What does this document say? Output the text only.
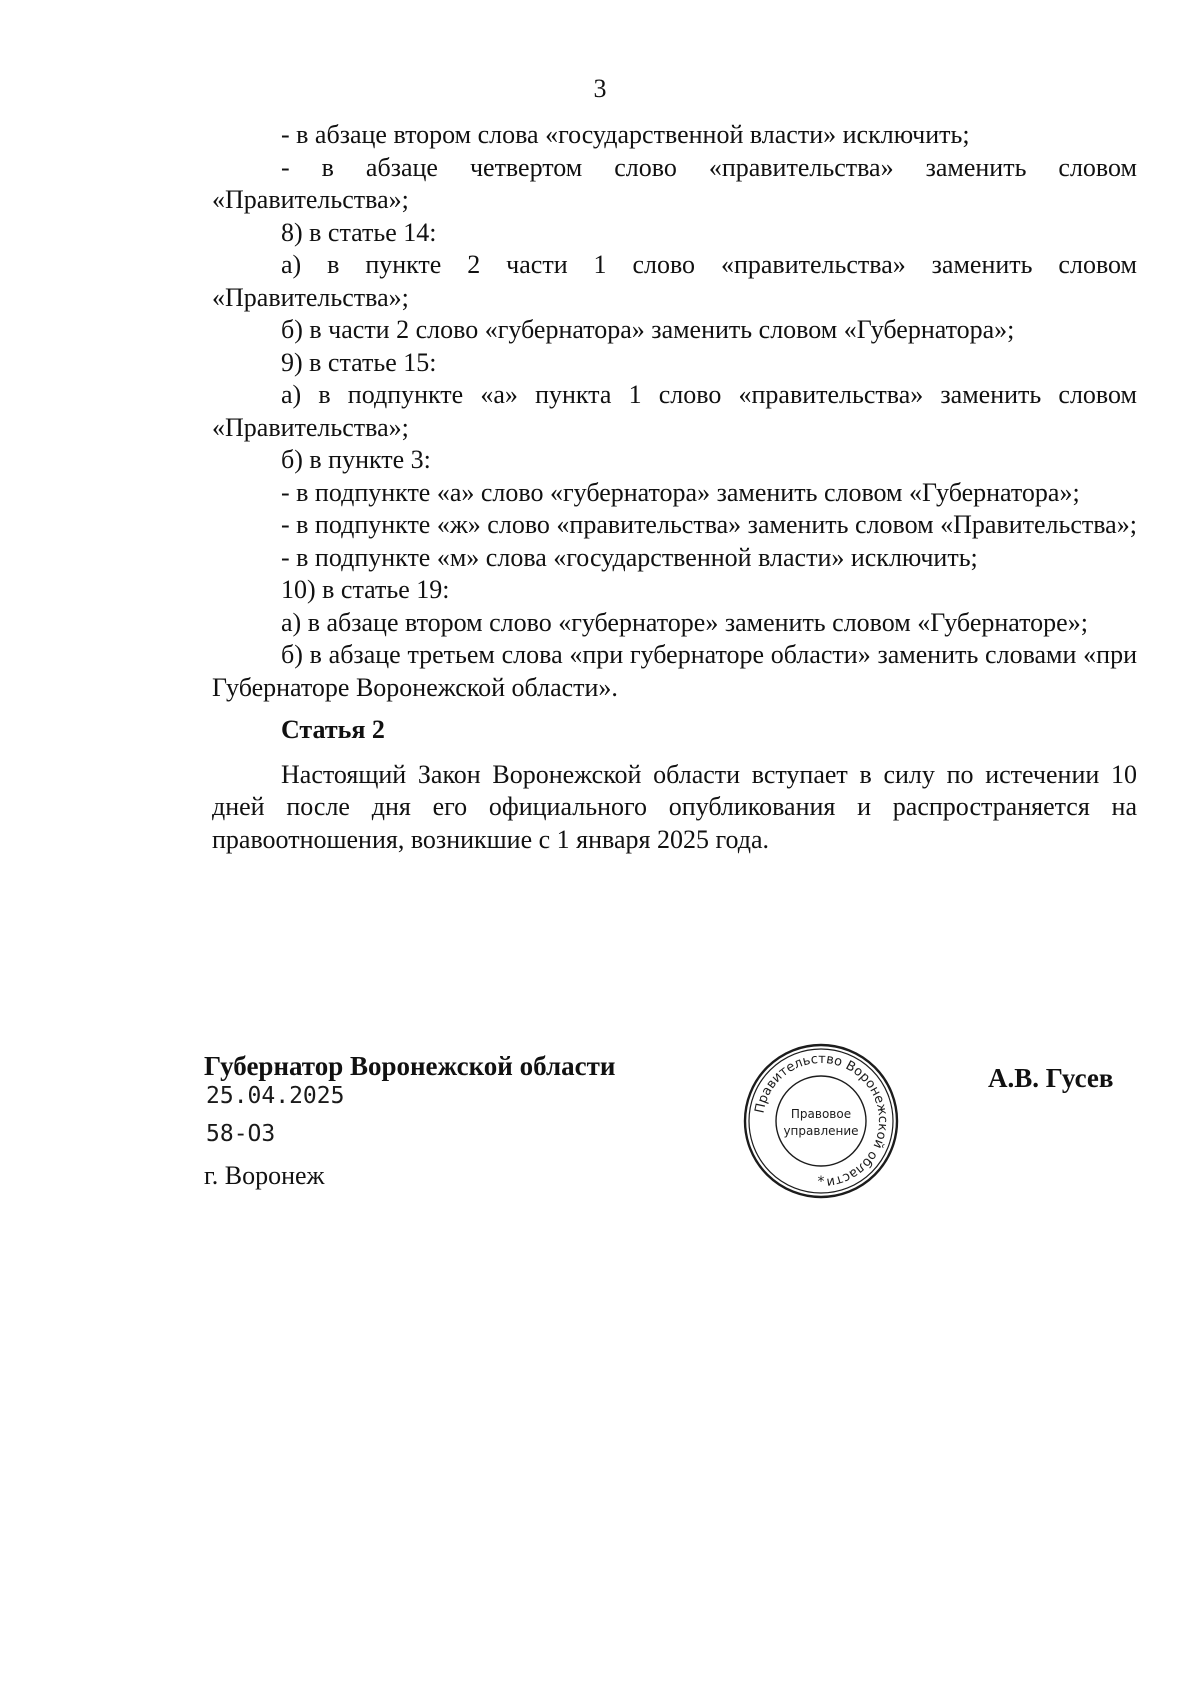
3

- в абзаце втором слова «государственной власти» исключить;

- в абзаце четвертом слово «правительства» заменить словом «Правительства»;

8) в статье 14:

а) в пункте 2 части 1 слово «правительства» заменить словом «Правительства»;

б) в части 2 слово «губернатора» заменить словом «Губернатора»;

9) в статье 15:

а) в подпункте «а» пункта 1 слово «правительства» заменить словом «Правительства»;

б) в пункте 3:

- в подпункте «а» слово «губернатора» заменить словом «Губернатора»;

- в подпункте «ж» слово «правительства» заменить словом «Правительства»;

- в подпункте «м» слова «государственной власти» исключить;

10) в статье 19:

а) в абзаце втором слово «губернаторе» заменить словом «Губернаторе»;

б) в абзаце третьем слова «при губернаторе области» заменить словами «при Губернаторе Воронежской области».

Статья 2

Настоящий Закон Воронежской области вступает в силу по истечении 10 дней после дня его официального опубликования и распространяется на правоотношения, возникшие с 1 января 2025 года.

Губернатор Воронежской области
25.04.2025
58-ОЗ
г. Воронеж
А.В. Гусев
Правительство Воронежской области
Правовое
управление
*
